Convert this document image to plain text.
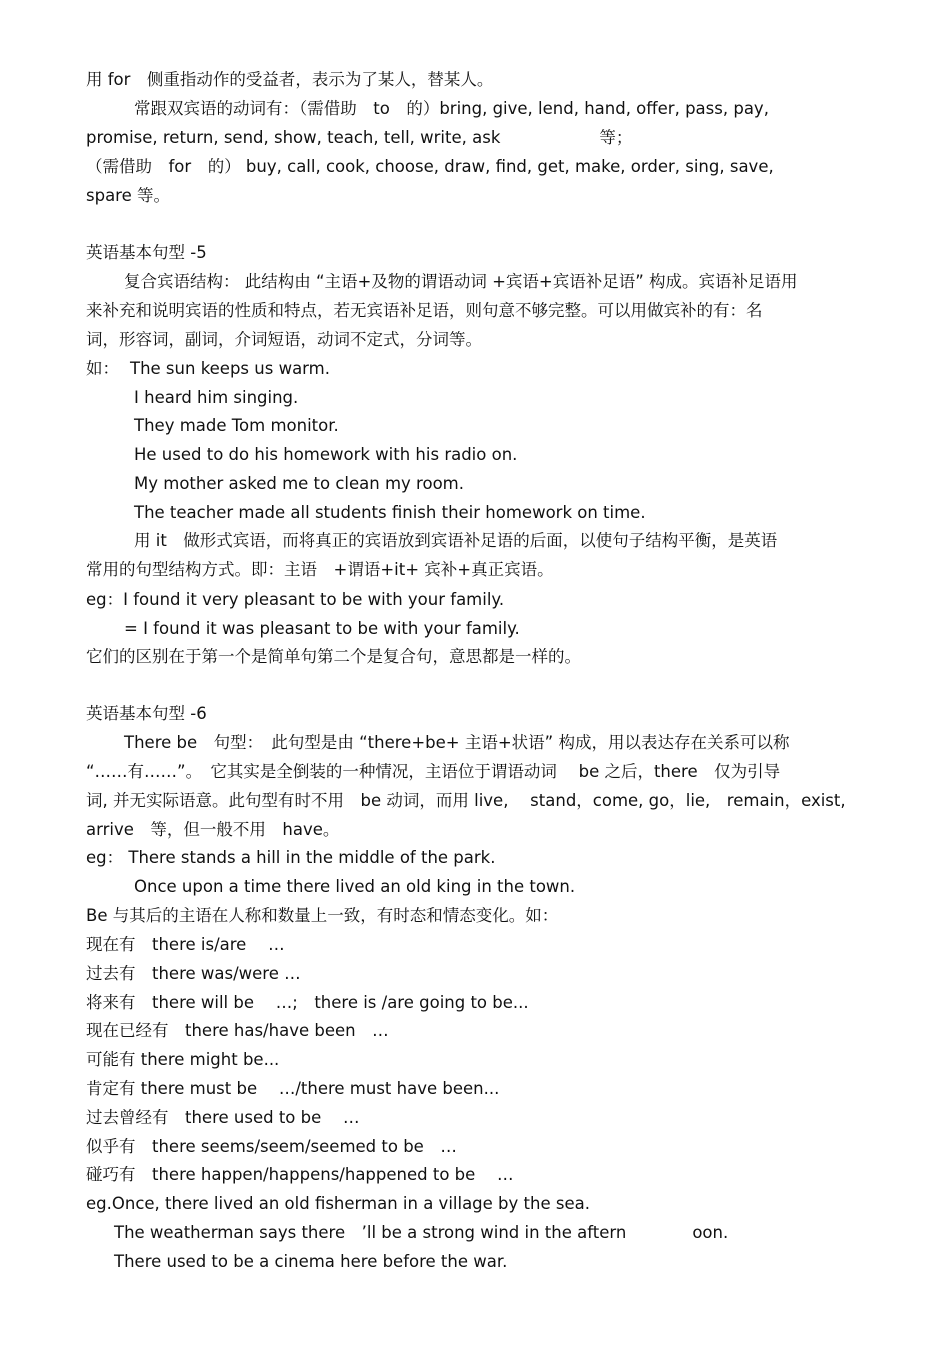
用 for　侧重指动作的受益者，表示为了某人，替某人。
常跟双宾语的动词有：（需借助　to　的）bring, give, lend, hand, offer, pass, pay,
promise, return, send, show, teach, tell, write, ask　　　　　　等；
（需借助　for　的） buy, call, cook, choose, draw, find, get, make, order, sing, save,
spare 等。
英语基本句型 -5
复合宾语结构： 此结构由 “主语+及物的谓语动词 +宾语+宾语补足语” 构成。宾语补足语用
来补充和说明宾语的性质和特点，若无宾语补足语，则句意不够完整。可以用做宾补的有：名
词，形容词，副词，介词短语，动词不定式，分词等。
如： The sun keeps us warm.
I heard him singing.
They made Tom monitor.
He used to do his homework with his radio on.
My mother asked me to clean my room.
The teacher made all students finish their homework on time.
用 it　做形式宾语，而将真正的宾语放到宾语补足语的后面，以使句子结构平衡，是英语
常用的句型结构方式。即：主语　+谓语+it+ 宾补+真正宾语。
eg：I found it very pleasant to be with your family.
= I found it was pleasant to be with your family.
它们的区别在于第一个是简单句第二个是复合句，意思都是一样的。
英语基本句型 -6
There be　句型：　此句型是由 “there+be+ 主语+状语” 构成，用以表达存在关系可以称
“……有……”。　它其实是全倒装的一种情况，主语位于谓语动词　 be 之后，there　仅为引导
词, 并无实际语意。此句型有时不用　be 动词，而用 live,　 stand，come, go，lie,　remain，exist,
arrive　等，但一般不用　have。
eg： There stands a hill in the middle of the park.
Once upon a time there lived an old king in the town.
Be 与其后的主语在人称和数量上一致，有时态和情态变化。如：
现在有　there is/are　 …
过去有　there was/were …
将来有　there will be　 …;　there is /are going to be...
现在已经有　there has/have been　…
可能有 there might be...
肯定有 there must be　 …/there must have been...
过去曾经有　there used to be　 …
似乎有　there seems/seem/seemed to be　…
碰巧有　there happen/happens/happened to be　 …
eg.Once, there lived an old fisherman in a village by the sea.
The weatherman says there　’ll be a strong wind in the aftern　　　　oon.
There used to be a cinema here before the war.
